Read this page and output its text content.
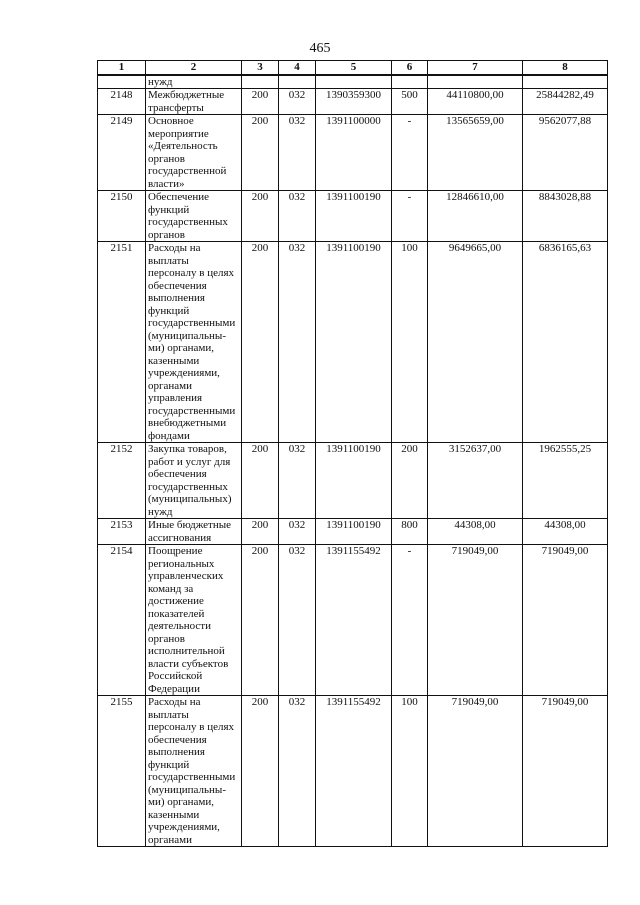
465
1	2	3	4	5	6	7	8
	нужд						
2148	Межбюджетные трансферты	200	032	1390359300	500	44110800,00	25844282,49
2149	Основное мероприятие «Деятельность органов государственной власти»	200	032	1391100000	-	13565659,00	9562077,88
2150	Обеспечение функций государственных органов	200	032	1391100190	-	12846610,00	8843028,88
2151	Расходы на выплаты персоналу в целях обеспечения выполнения функций государственными (муниципальны-ми) органами, казенными учреждениями, органами управления государственными внебюджетными фондами	200	032	1391100190	100	9649665,00	6836165,63
2152	Закупка товаров, работ и услуг для обеспечения государственных (муниципальных) нужд	200	032	1391100190	200	3152637,00	1962555,25
2153	Иные бюджетные ассигнования	200	032	1391100190	800	44308,00	44308,00
2154	Поощрение региональных управленческих команд за достижение показателей деятельности органов исполнительной власти субъектов Российской Федерации	200	032	1391155492	-	719049,00	719049,00
2155	Расходы на выплаты персоналу в целях обеспечения выполнения функций государственными (муниципальны-ми) органами, казенными учреждениями, органами	200	032	1391155492	100	719049,00	719049,00
